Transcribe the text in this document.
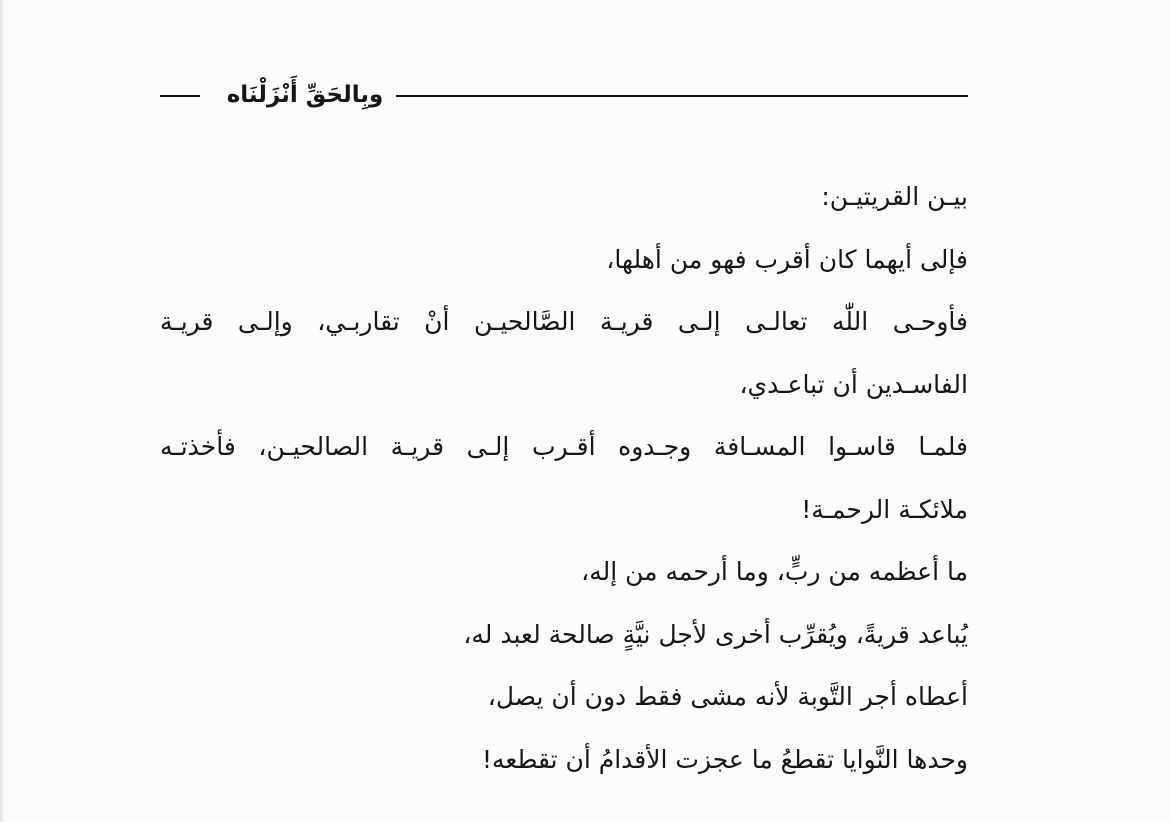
وبِالحَقِّ أَنْزَلْنَاه
بيـن القريتيـن:
فإلى أيهما كان أقرب فهو من أهلها،
فأوحـى اللّٰه تعالـى إلـى قريـة الصَّالحيـن أنْ تقاربـي، وإلـى قريـة
الفاسـدين أن تباعـدي،
فلمـا قاسـوا المسـافة وجـدوه أقـرب إلـى قريـة الصالحيـن، فأخذتـه
ملائكـة الرحمـة!
ما أعظمه من ربٍّ، وما أرحمه من إله،
يُباعد قريةً، ويُقرِّب أخرى لأجل نيَّةٍ صالحة لعبد له،
أعطاه أجر التَّوبة لأنه مشى فقط دون أن يصل،
وحدها النَّوايا تقطعُ ما عجزت الأقدامُ أن تقطعه!
